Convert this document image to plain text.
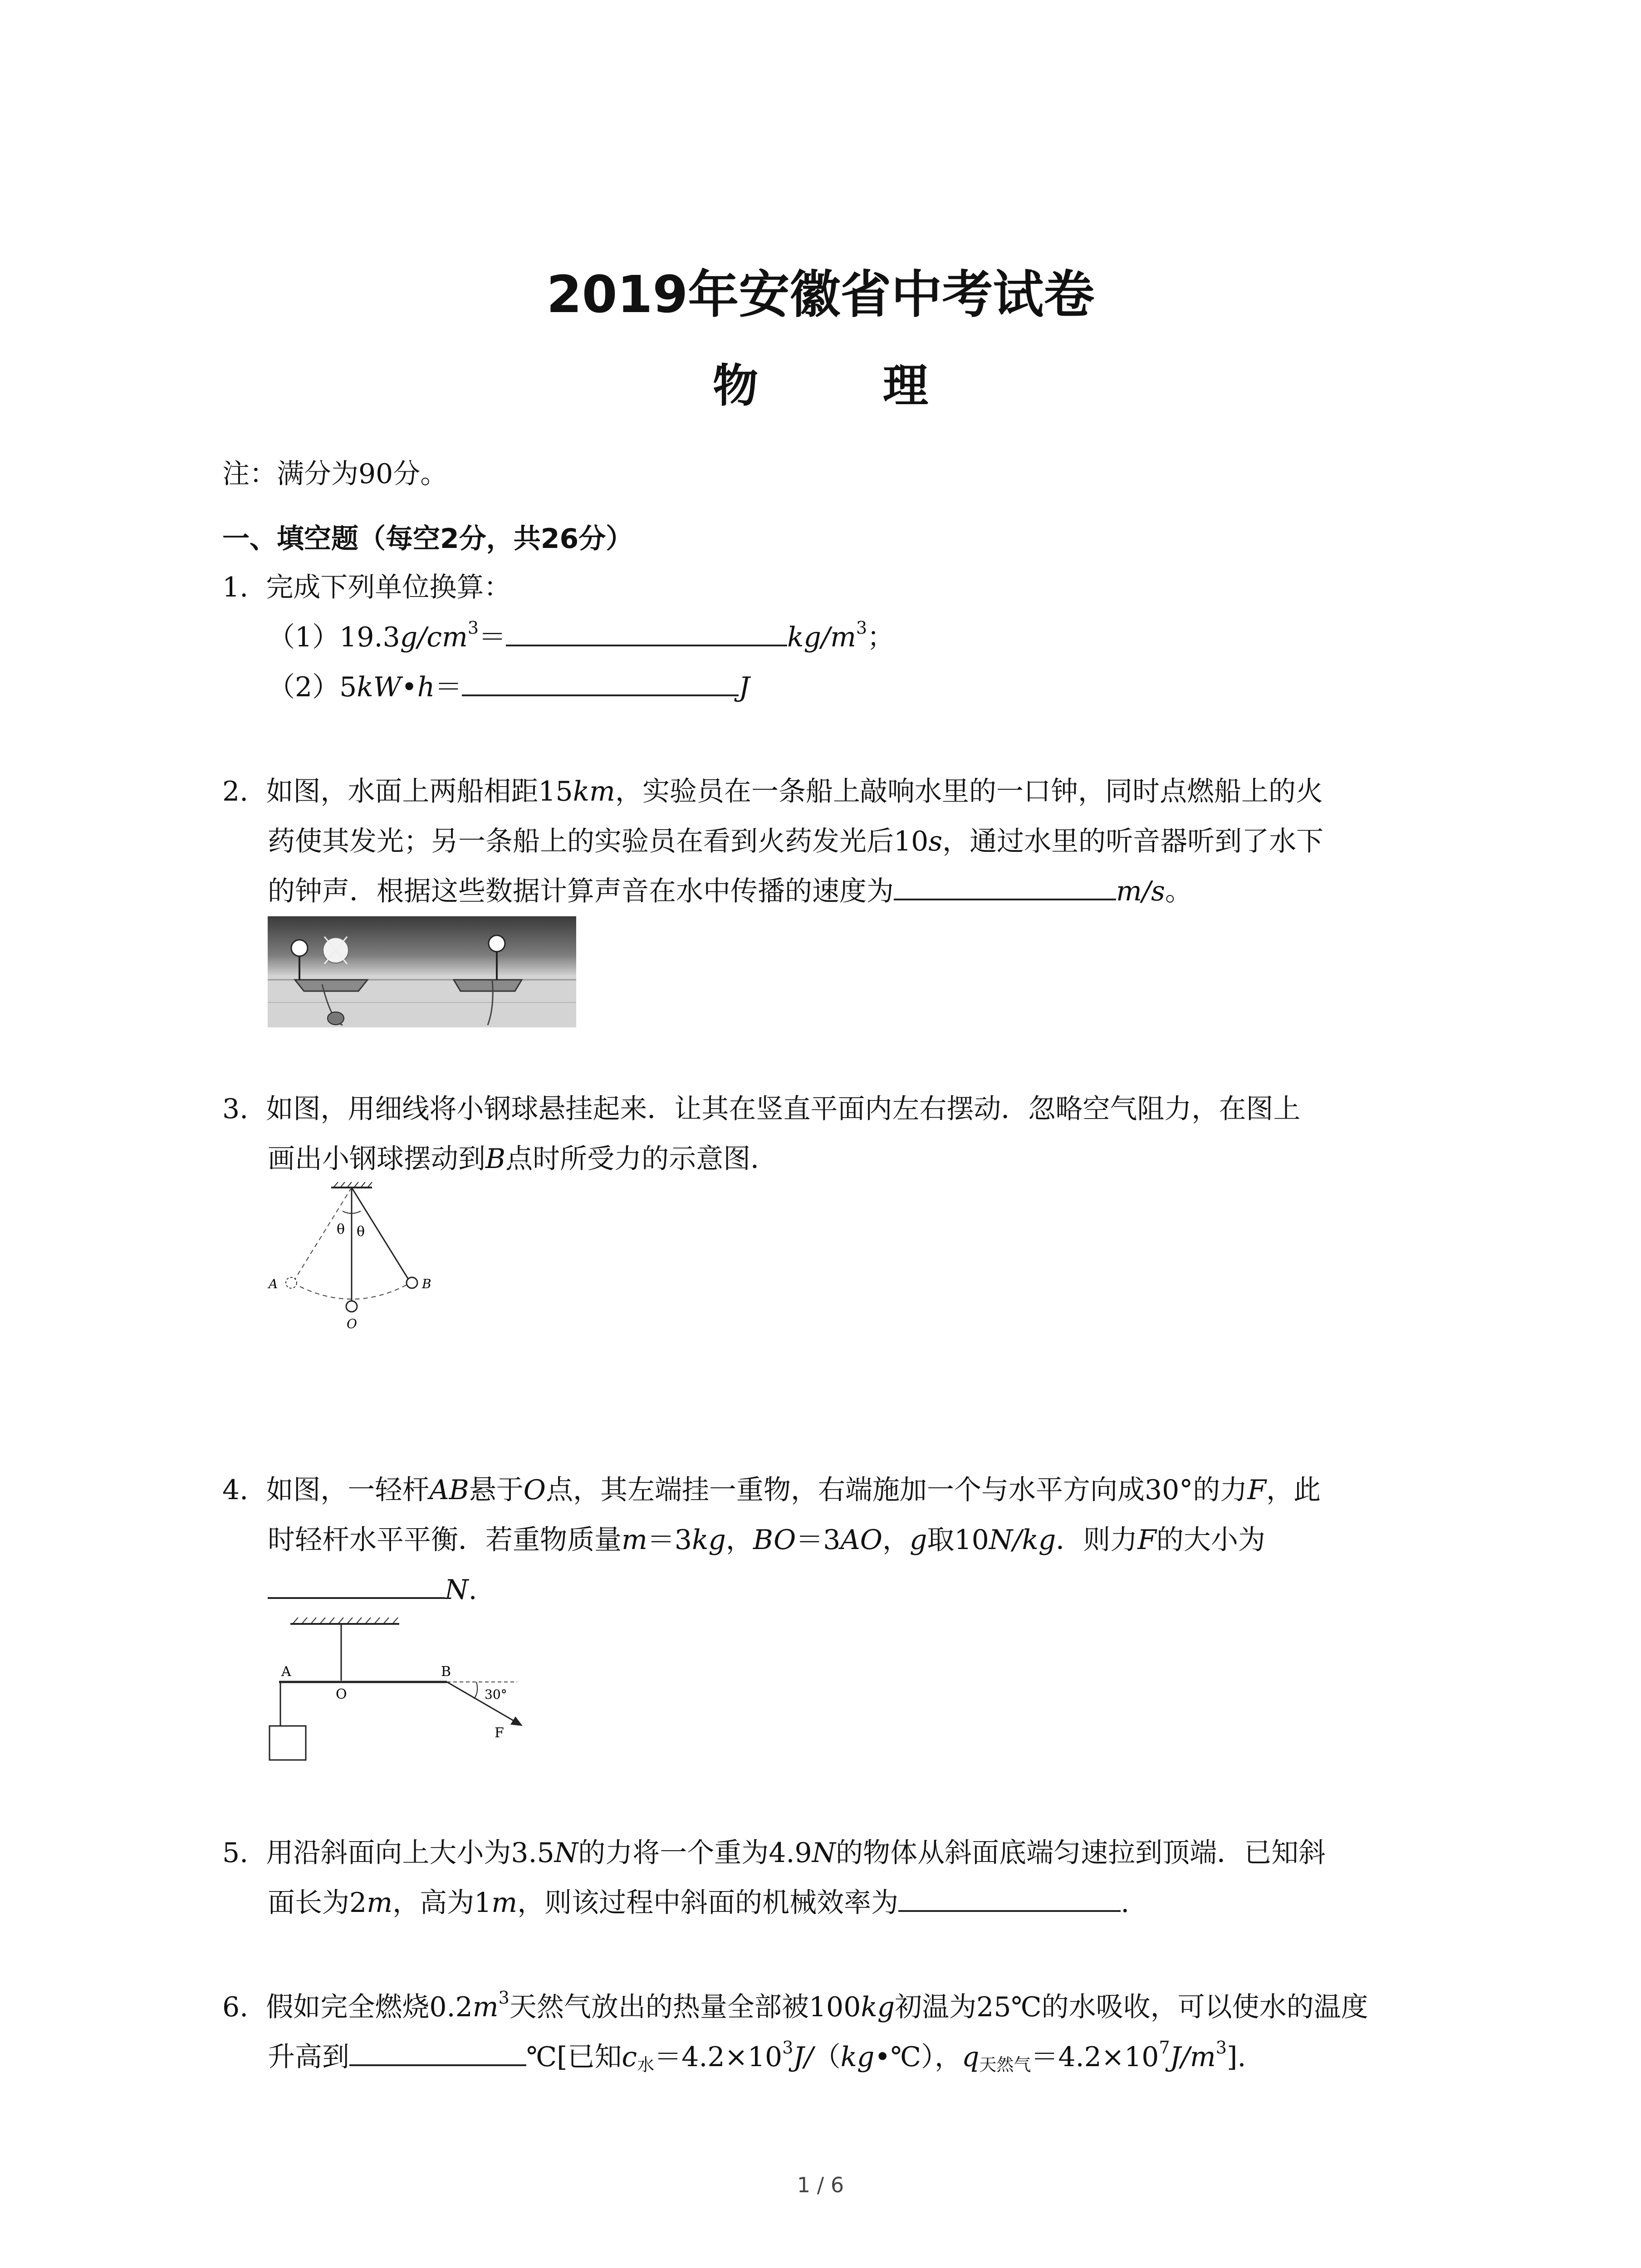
2019年安徽省中考试卷
物 理
注：满分为90分。
一、填空题（每空2分，共26分）
1. 完成下列单位换算：
$(1)19.3g/cm^3=$	$kg/m^3$；
（2）5kW•h＝	J
2. 如图，水面上两船相距15km，实验员在一条船上敲响水里的一口钟，同时点燃船上的火
药使其发光；另一条船上的实验员在看到火药发光后10s，通过水里的听音器听到了水下
的钟声．根据这些数据计算声音在水中传播的速度为	m/s。
3. 如图，用细线将小钢球悬挂起来．让其在竖直平面内左右摆动．忽略空气阻力，在图上
画出小钢球摆动到B点时所受力的示意图．
θ θ
A	B
O
4. 如图，一轻杆AB悬于O点，其左端挂一重物，右端施加一个与水平方向成30°的力F，此
时轻杆水平平衡．若重物质量m＝3kg，BO＝3AO，g取10N/kg．则力F的大小为
N.
A
O
B
30°
F
5. 用沿斜面向上大小为3.5N的力将一个重为4.9N的物体从斜面底端匀速拉到顶端．已知斜
面长为2m，高为1m，则该过程中斜面的机械效率为	.
6. 假如完全燃烧$0.2m^3$天然气放出的热量全部被100kg初温为25℃的水吸收，可以使水的温度
升高到	℃[已知$c_水=4.2\times 10^3J/(kg•℃)$，$q_{天然气}=4.2\times 10^7J/m^3$].
1 / 6
